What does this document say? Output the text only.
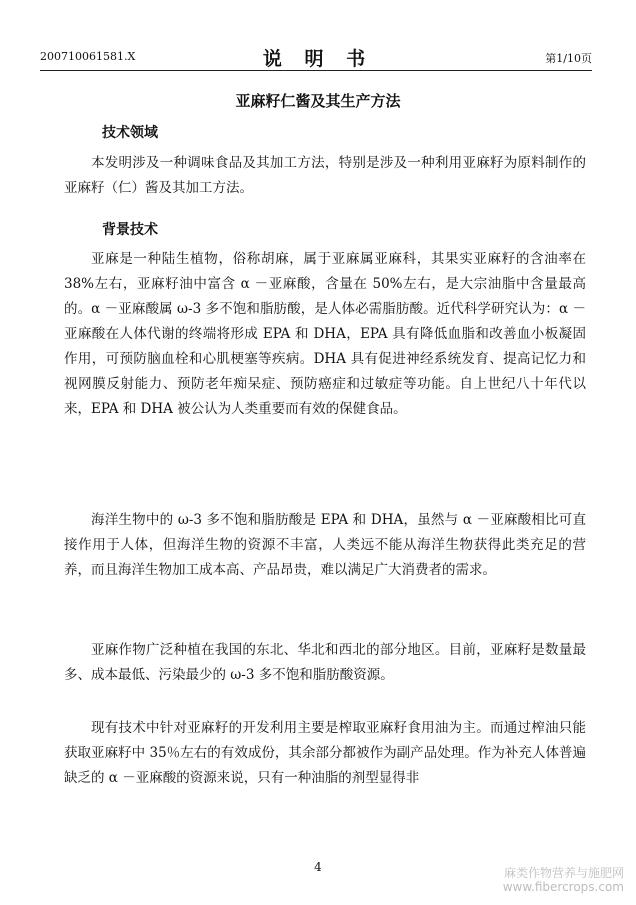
200710061581.X	说 明 书	第1/10页
亚麻籽仁酱及其生产方法
技术领域
本发明涉及一种调味食品及其加工方法，特别是涉及一种利用亚麻籽为原料制作的亚麻籽（仁）酱及其加工方法。
背景技术
亚麻是一种陆生植物，俗称胡麻，属于亚麻属亚麻科，其果实亚麻籽的含油率在 38%左右，亚麻籽油中富含 α －亚麻酸，含量在 50%左右，是大宗油脂中含量最高的。α －亚麻酸属 ω-3 多不饱和脂肪酸，是人体必需脂肪酸。近代科学研究认为：α －亚麻酸在人体代谢的终端将形成 EPA 和 DHA，EPA 具有降低血脂和改善血小板凝固作用，可预防脑血栓和心肌梗塞等疾病。DHA 具有促进神经系统发育、提高记忆力和视网膜反射能力、预防老年痴呆症、预防癌症和过敏症等功能。自上世纪八十年代以来，EPA 和 DHA 被公认为人类重要而有效的保健食品。
海洋生物中的 ω-3 多不饱和脂肪酸是 EPA 和 DHA，虽然与 α －亚麻酸相比可直接作用于人体，但海洋生物的资源不丰富，人类远不能从海洋生物获得此类充足的营养，而且海洋生物加工成本高、产品昂贵，难以满足广大消费者的需求。
亚麻作物广泛种植在我国的东北、华北和西北的部分地区。目前，亚麻籽是数量最多、成本最低、污染最少的 ω-3 多不饱和脂肪酸资源。
现有技术中针对亚麻籽的开发利用主要是榨取亚麻籽食用油为主。而通过榨油只能获取亚麻籽中 35％左右的有效成份，其余部分都被作为副产品处理。作为补充人体普遍缺乏的 α －亚麻酸的资源来说，只有一种油脂的剂型显得非
4	麻类作物营养与施肥网
www.fibercrops.com
